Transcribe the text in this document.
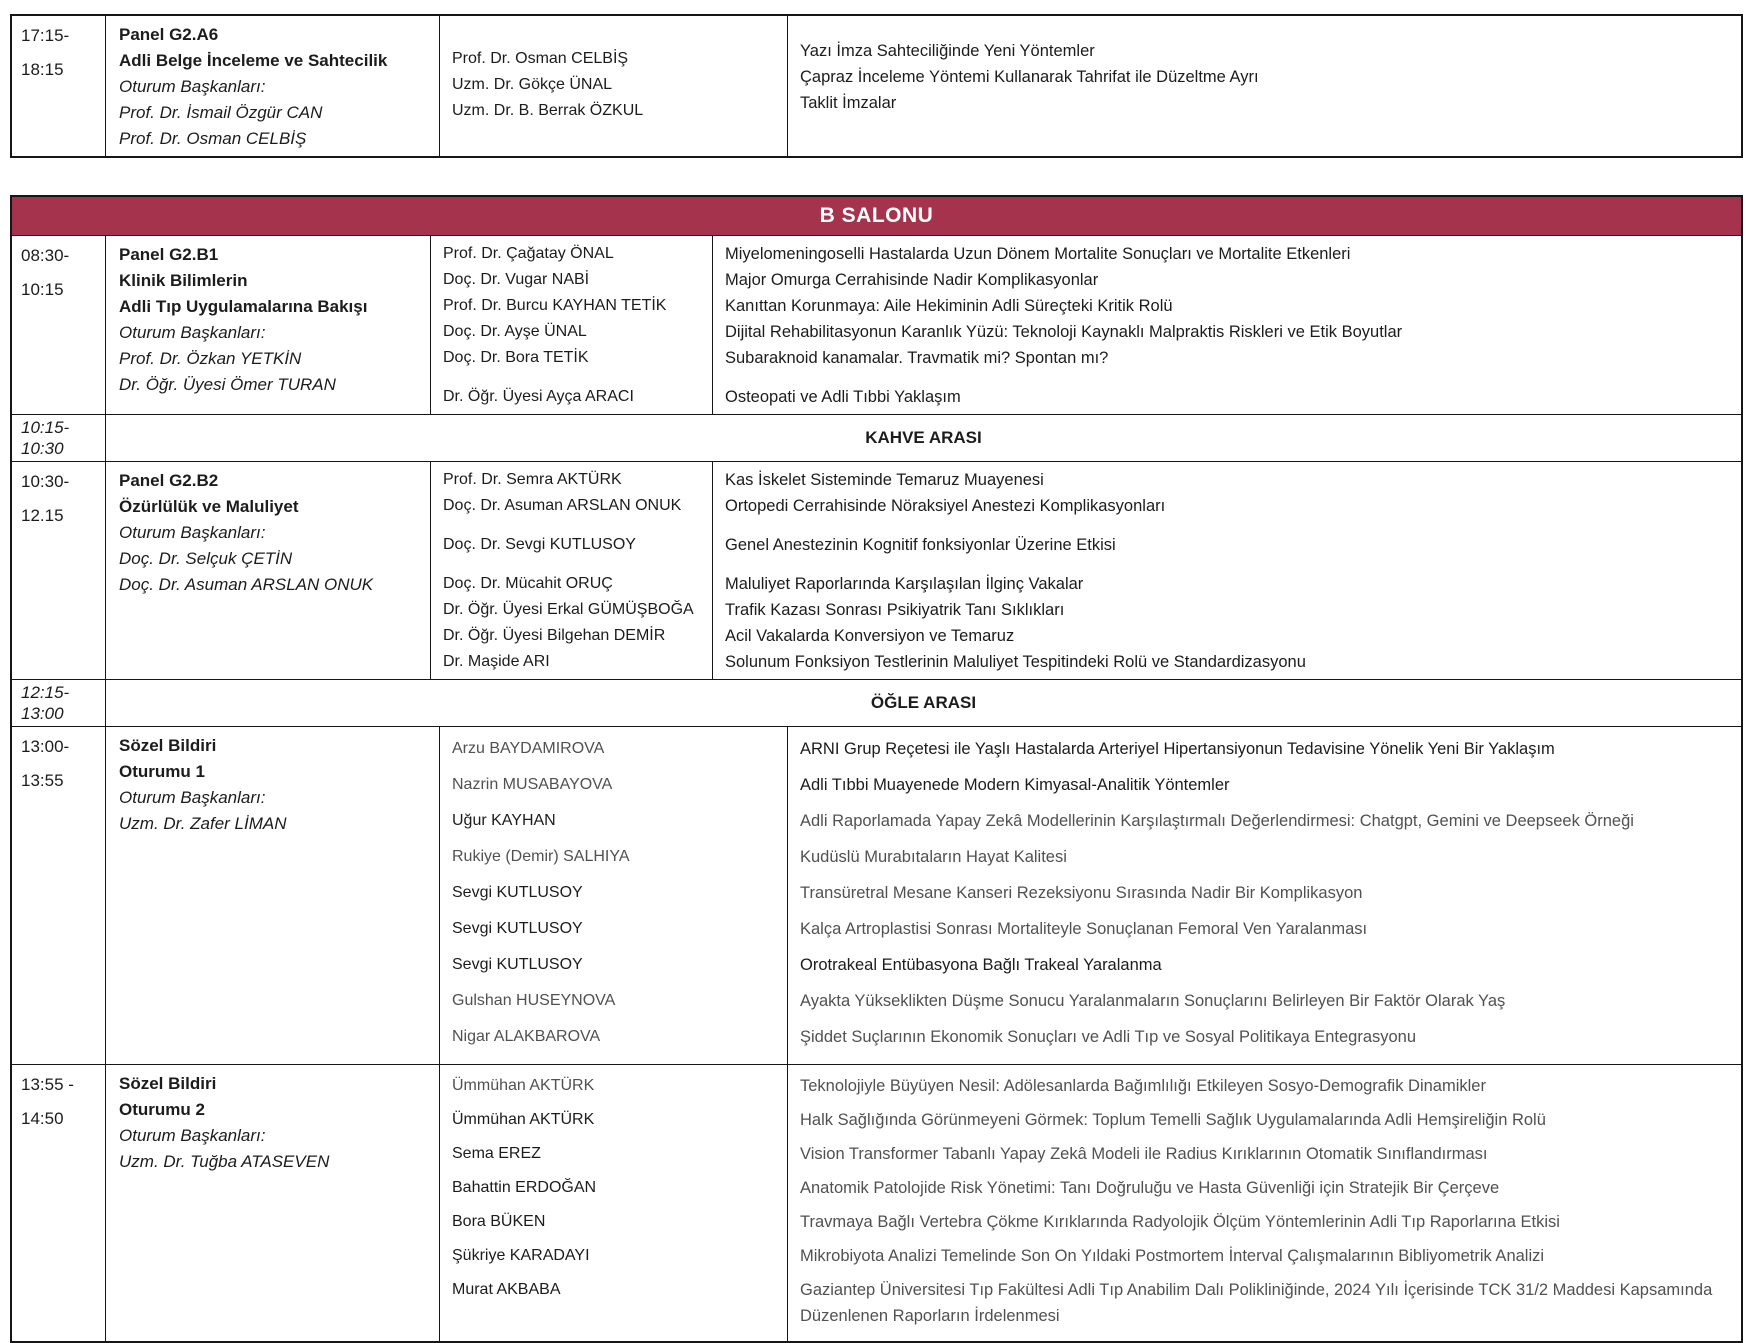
17:15-
18:15
Panel G2.A6
Adli Belge İnceleme ve Sahtecilik
Oturum Başkanları:
Prof. Dr. İsmail Özgür CAN
Prof. Dr. Osman CELBİŞ
Prof. Dr. Osman CELBİŞ
Uzm. Dr. Gökçe ÜNAL
Uzm. Dr. B. Berrak ÖZKUL
Yazı İmza Sahteciliğinde Yeni Yöntemler
Çapraz İnceleme Yöntemi Kullanarak Tahrifat ile Düzeltme Ayrı
Taklit İmzalar
B SALONU
08:30-
10:15
Panel G2.B1
Klinik Bilimlerin
Adli Tıp Uygulamalarına Bakışı
Oturum Başkanları:
Prof. Dr. Özkan YETKİN
Dr. Öğr. Üyesi Ömer TURAN
Prof. Dr. Çağatay ÖNAL
Doç. Dr. Vugar NABİ
Prof. Dr. Burcu KAYHAN TETİK
Doç. Dr. Ayşe ÜNAL
Doç. Dr. Bora TETİK
Dr. Öğr. Üyesi Ayça ARACI
Miyelomeningoselli Hastalarda Uzun Dönem Mortalite Sonuçları ve Mortalite Etkenleri
Major Omurga Cerrahisinde Nadir Komplikasyonlar
Kanıttan Korunmaya: Aile Hekiminin Adli Süreçteki Kritik Rolü
Dijital Rehabilitasyonun Karanlık Yüzü: Teknoloji Kaynaklı Malpraktis Riskleri ve Etik Boyutlar
Subaraknoid kanamalar. Travmatik mi? Spontan mı?
Osteopati ve Adli Tıbbi Yaklaşım
10:15-
10:30
KAHVE ARASI
10:30-
12.15
Panel G2.B2
Özürlülük ve Maluliyet
Oturum Başkanları:
Doç. Dr. Selçuk ÇETİN
Doç. Dr. Asuman ARSLAN ONUK
Prof. Dr. Semra AKTÜRK
Doç. Dr. Asuman ARSLAN ONUK
Doç. Dr. Sevgi KUTLUSOY
Doç. Dr. Mücahit ORUÇ
Dr. Öğr. Üyesi Erkal GÜMÜŞBOĞA
Dr. Öğr. Üyesi Bilgehan DEMİR
Dr. Maşide ARI
Kas İskelet Sisteminde Temaruz Muayenesi
Ortopedi Cerrahisinde Nöraksiyel Anestezi Komplikasyonları
Genel Anestezinin Kognitif fonksiyonlar Üzerine Etkisi
Maluliyet Raporlarında Karşılaşılan İlginç Vakalar
Trafik Kazası Sonrası Psikiyatrik Tanı Sıklıkları
Acil Vakalarda Konversiyon ve Temaruz
Solunum Fonksiyon Testlerinin Maluliyet Tespitindeki Rolü ve Standardizasyonu
12:15-
13:00
ÖĞLE ARASI
13:00-
13:55
Sözel Bildiri
Oturumu 1
Oturum Başkanları:
Uzm. Dr. Zafer LİMAN
Arzu BAYDAMIROVA
Nazrin MUSABAYOVA
Uğur KAYHAN
Rukiye (Demir) SALHIYA
Sevgi KUTLUSOY
Sevgi KUTLUSOY
Sevgi KUTLUSOY
Gulshan HUSEYNOVA
Nigar ALAKBAROVA
ARNI Grup Reçetesi ile Yaşlı Hastalarda Arteriyel Hipertansiyonun Tedavisine Yönelik Yeni Bir Yaklaşım
Adli Tıbbi Muayenede Modern Kimyasal-Analitik Yöntemler
Adli Raporlamada Yapay Zekâ Modellerinin Karşılaştırmalı Değerlendirmesi: Chatgpt, Gemini ve Deepseek Örneği
Kudüslü Murabıtaların Hayat Kalitesi
Transüretral Mesane Kanseri Rezeksiyonu Sırasında Nadir Bir Komplikasyon
Kalça Artroplastisi Sonrası Mortaliteyle Sonuçlanan Femoral Ven Yaralanması
Orotrakeal Entübasyona Bağlı Trakeal Yaralanma
Ayakta Yükseklikten Düşme Sonucu Yaralanmaların Sonuçlarını Belirleyen Bir Faktör Olarak Yaş
Şiddet Suçlarının Ekonomik Sonuçları ve Adli Tıp ve Sosyal Politikaya Entegrasyonu
13:55 -
14:50
Sözel Bildiri
Oturumu 2
Oturum Başkanları:
Uzm. Dr. Tuğba ATASEVEN
Ümmühan AKTÜRK
Ümmühan AKTÜRK
Sema EREZ
Bahattin ERDOĞAN
Bora BÜKEN
Şükriye KARADAYI
Murat AKBABA
Teknolojiyle Büyüyen Nesil: Adölesanlarda Bağımlılığı Etkileyen Sosyo-Demografik Dinamikler
Halk Sağlığında Görünmeyeni Görmek: Toplum Temelli Sağlık Uygulamalarında Adli Hemşireliğin Rolü
Vision Transformer Tabanlı Yapay Zekâ Modeli ile Radius Kırıklarının Otomatik Sınıflandırması
Anatomik Patolojide Risk Yönetimi: Tanı Doğruluğu ve Hasta Güvenliği için Stratejik Bir Çerçeve
Travmaya Bağlı Vertebra Çökme Kırıklarında Radyolojik Ölçüm Yöntemlerinin Adli Tıp Raporlarına Etkisi
Mikrobiyota Analizi Temelinde Son On Yıldaki Postmortem İnterval Çalışmalarının Bibliyometrik Analizi
Gaziantep Üniversitesi Tıp Fakültesi Adli Tıp Anabilim Dalı Polikliniğinde, 2024 Yılı İçerisinde TCK 31/2 Maddesi Kapsamında Düzenlenen Raporların İrdelenmesi
